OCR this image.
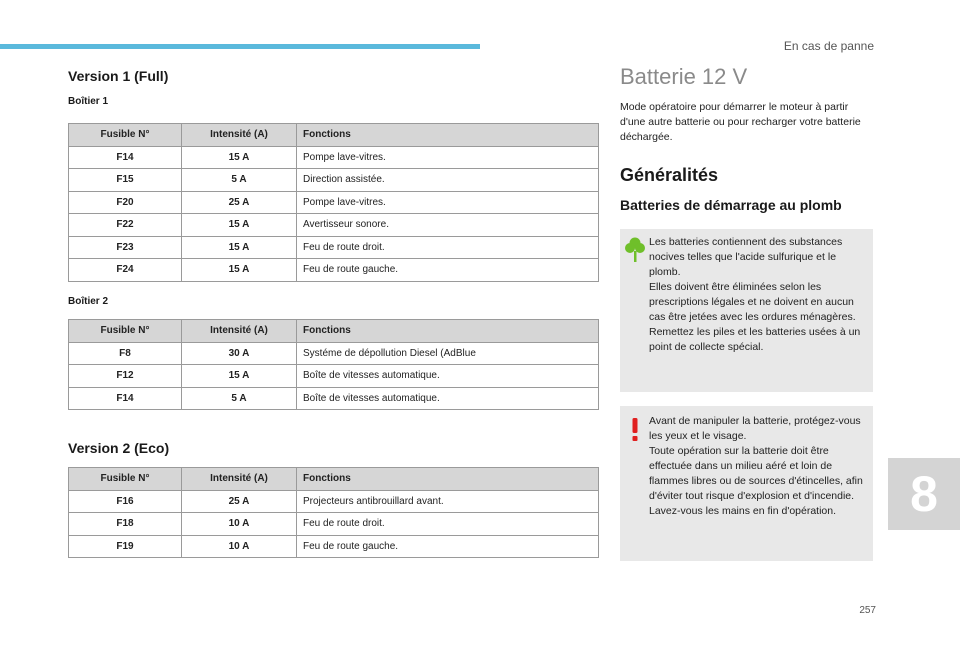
En cas de panne
Version 1 (Full)
Boîtier 1
Fusible N°	Intensité (A)	Fonctions
F14	15 A	Pompe lave-vitres.
F15	5 A	Direction assistée.
F20	25 A	Pompe lave-vitres.
F22	15 A	Avertisseur sonore.
F23	15 A	Feu de route droit.
F24	15 A	Feu de route gauche.
Boîtier 2
Fusible N°	Intensité (A)	Fonctions
F8	30 A	Systéme de dépollution Diesel (AdBlue
F12	15 A	Boîte de vitesses automatique.
F14	5 A	Boîte de vitesses automatique.
Version 2 (Eco)
Fusible N°	Intensité (A)	Fonctions
F16	25 A	Projecteurs antibrouillard avant.
F18	10 A	Feu de route droit.
F19	10 A	Feu de route gauche.
Batterie 12 V
Mode opératoire pour démarrer le moteur à partir d'une autre batterie ou pour recharger votre batterie déchargée.
Généralités
Batteries de démarrage au plomb
Les batteries contiennent des substances nocives telles que l'acide sulfurique et le plomb.
Elles doivent être éliminées selon les prescriptions légales et ne doivent en aucun cas être jetées avec les ordures ménagères.
Remettez les piles et les batteries usées à un point de collecte spécial.
Avant de manipuler la batterie, protégez-vous les yeux et le visage.
Toute opération sur la batterie doit être effectuée dans un milieu aéré et loin de flammes libres ou de sources d'étincelles, afin d'éviter tout risque d'explosion et d'incendie.
Lavez-vous les mains en fin d'opération.	8
257
